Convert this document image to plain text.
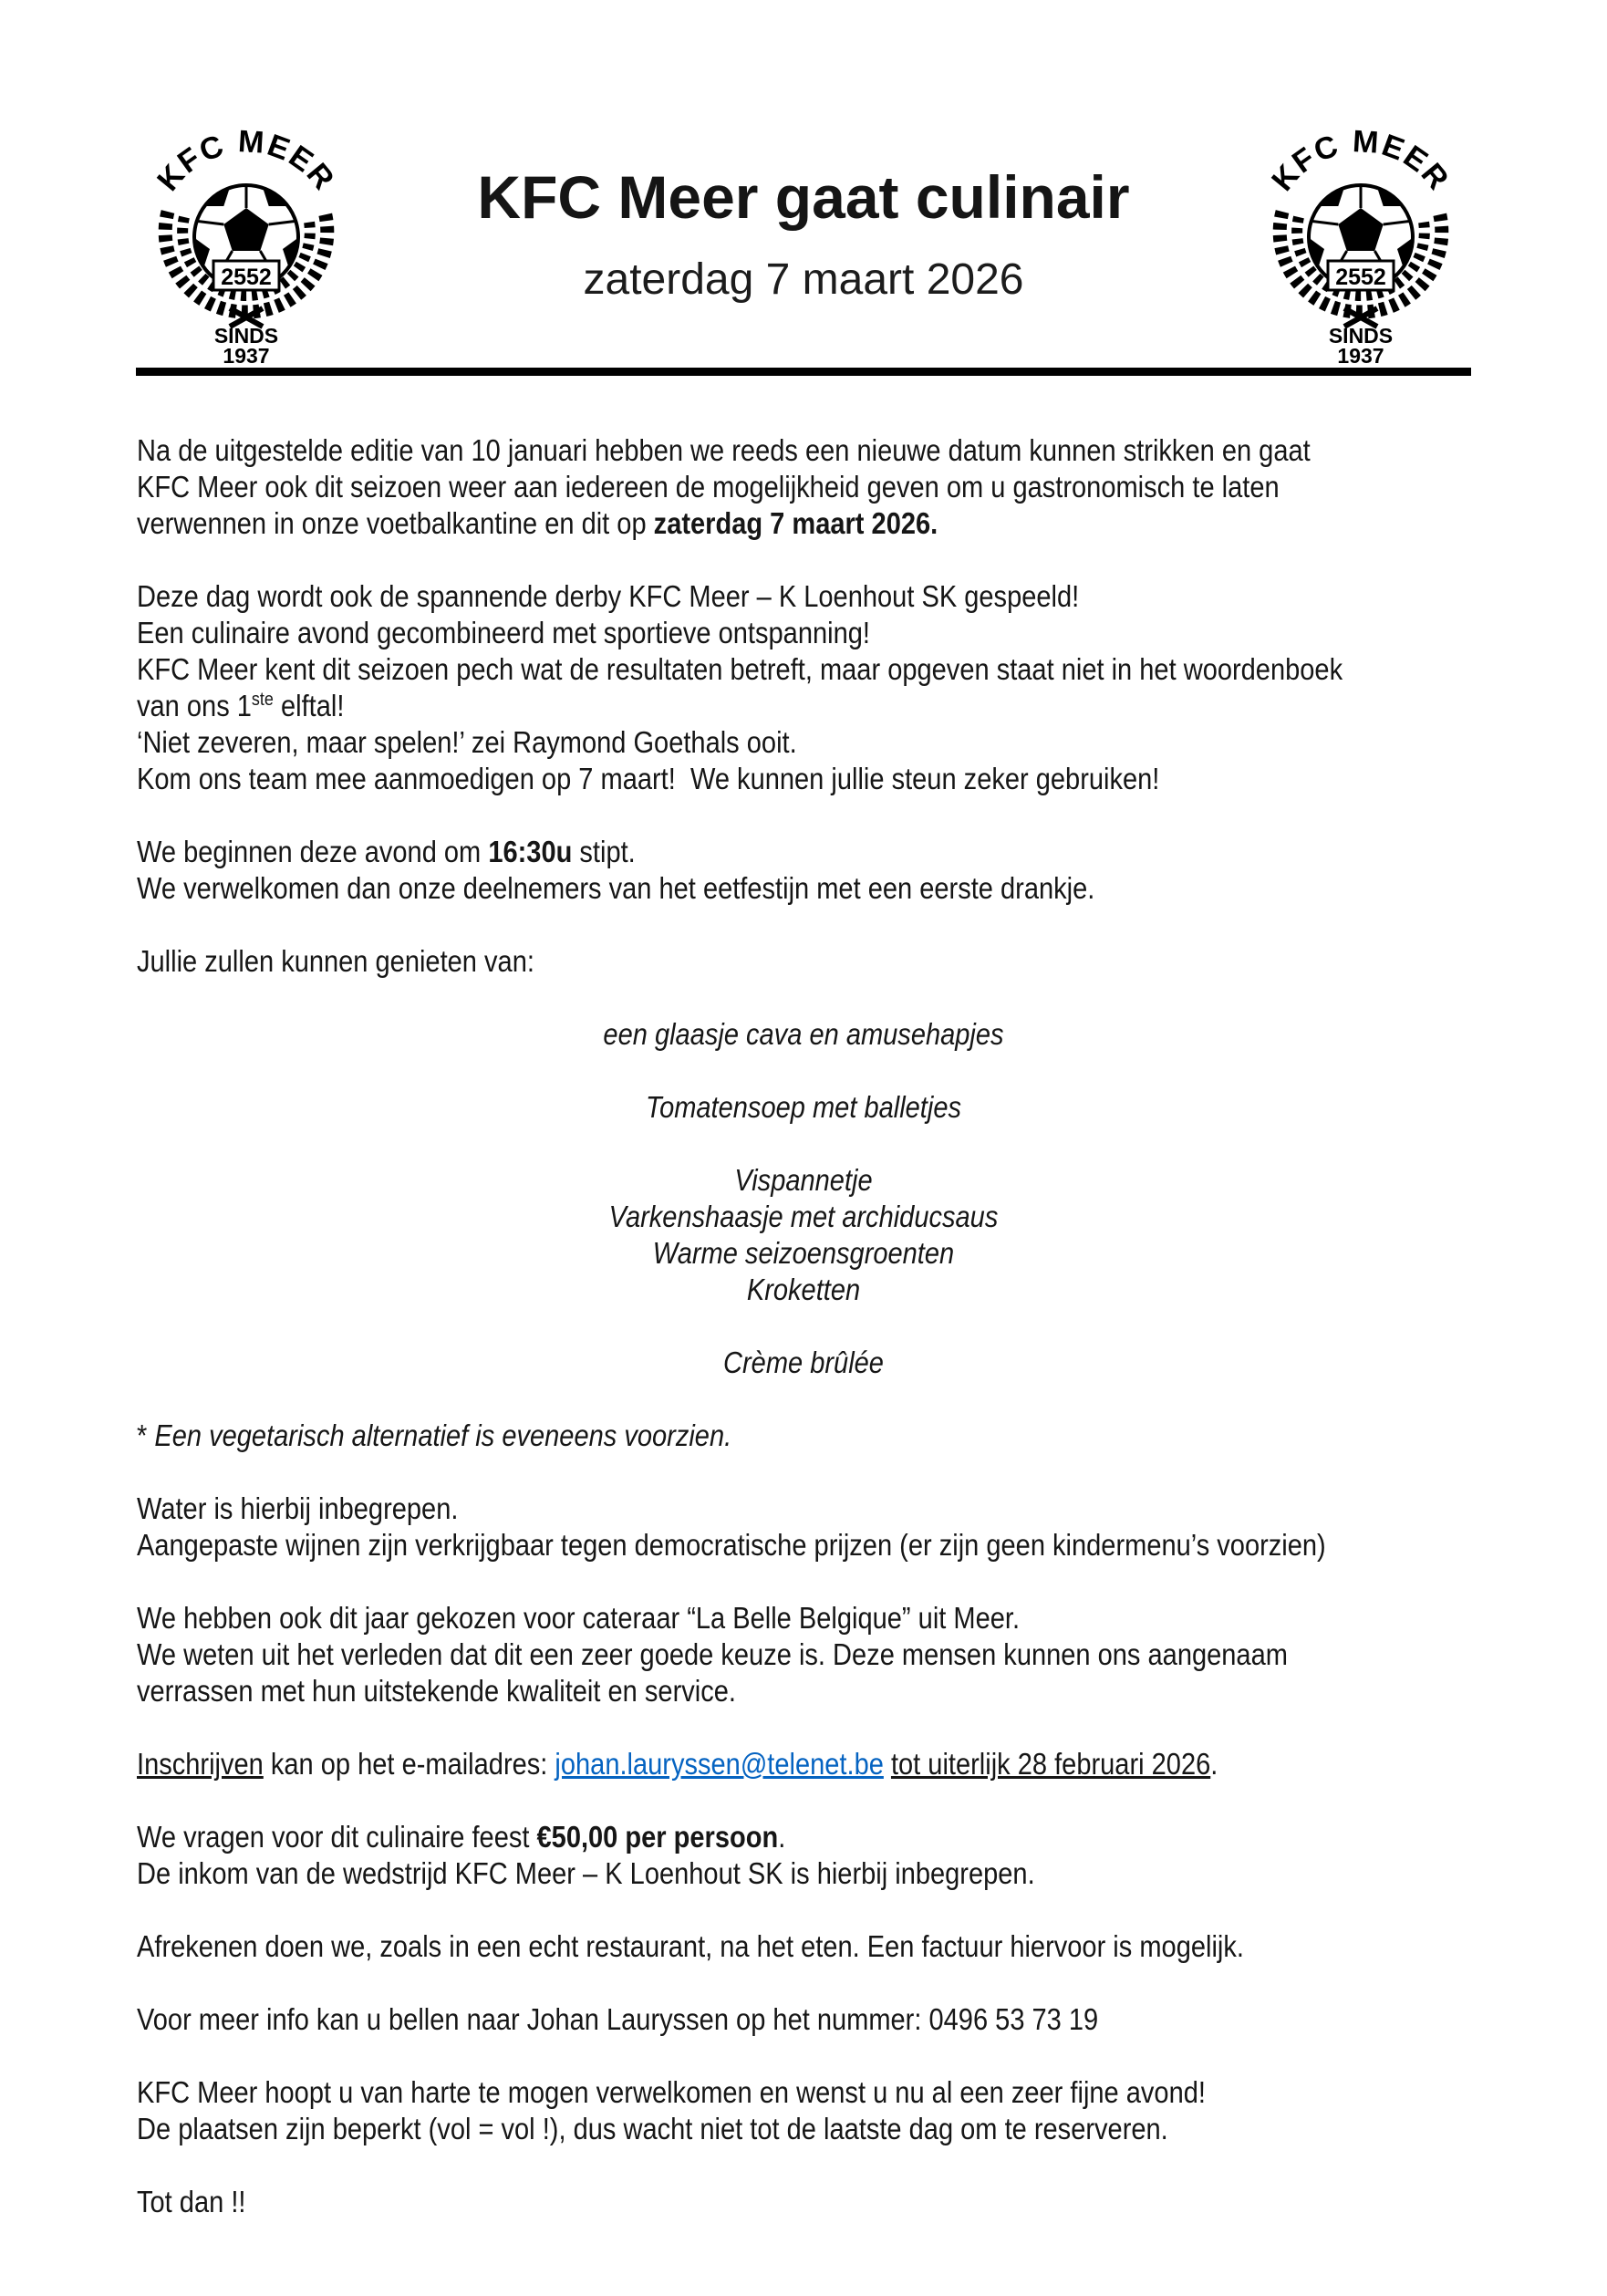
KFC MEER
2552
SINDS
1937
KFC MEER
2552
SINDS
1937
KFC Meer gaat culinair
zaterdag 7 maart 2026
Na de uitgestelde editie van 10 januari hebben we reeds een nieuwe datum kunnen strikken en gaat
KFC Meer ook dit seizoen weer aan iedereen de mogelijkheid geven om u gastronomisch te laten
verwennen in onze voetbalkantine en dit op zaterdag 7 maart 2026.
Deze dag wordt ook de spannende derby KFC Meer – K Loenhout SK gespeeld!
Een culinaire avond gecombineerd met sportieve ontspanning!
KFC Meer kent dit seizoen pech wat de resultaten betreft, maar opgeven staat niet in het woordenboek
van ons 1ste elftal!
‘Niet zeveren, maar spelen!’ zei Raymond Goethals ooit.
Kom ons team mee aanmoedigen op 7 maart!  We kunnen jullie steun zeker gebruiken!
We beginnen deze avond om 16:30u stipt.
We verwelkomen dan onze deelnemers van het eetfestijn met een eerste drankje.
Jullie zullen kunnen genieten van:
een glaasje cava en amusehapjes
Tomatensoep met balletjes
Vispannetje
Varkenshaasje met archiducsaus
Warme seizoensgroenten
Kroketten
Crème brûlée
* Een vegetarisch alternatief is eveneens voorzien.
Water is hierbij inbegrepen.
Aangepaste wijnen zijn verkrijgbaar tegen democratische prijzen (er zijn geen kindermenu’s voorzien)
We hebben ook dit jaar gekozen voor cateraar “La Belle Belgique” uit Meer.
We weten uit het verleden dat dit een zeer goede keuze is. Deze mensen kunnen ons aangenaam
verrassen met hun uitstekende kwaliteit en service.
Inschrijven kan op het e-mailadres: johan.lauryssen@telenet.be tot uiterlijk 28 februari 2026.
We vragen voor dit culinaire feest €50,00 per persoon.
De inkom van de wedstrijd KFC Meer – K Loenhout SK is hierbij inbegrepen.
Afrekenen doen we, zoals in een echt restaurant, na het eten. Een factuur hiervoor is mogelijk.
Voor meer info kan u bellen naar Johan Lauryssen op het nummer: 0496 53 73 19
KFC Meer hoopt u van harte te mogen verwelkomen en wenst u nu al een zeer fijne avond!
De plaatsen zijn beperkt (vol = vol !), dus wacht niet tot de laatste dag om te reserveren.
Tot dan !!
